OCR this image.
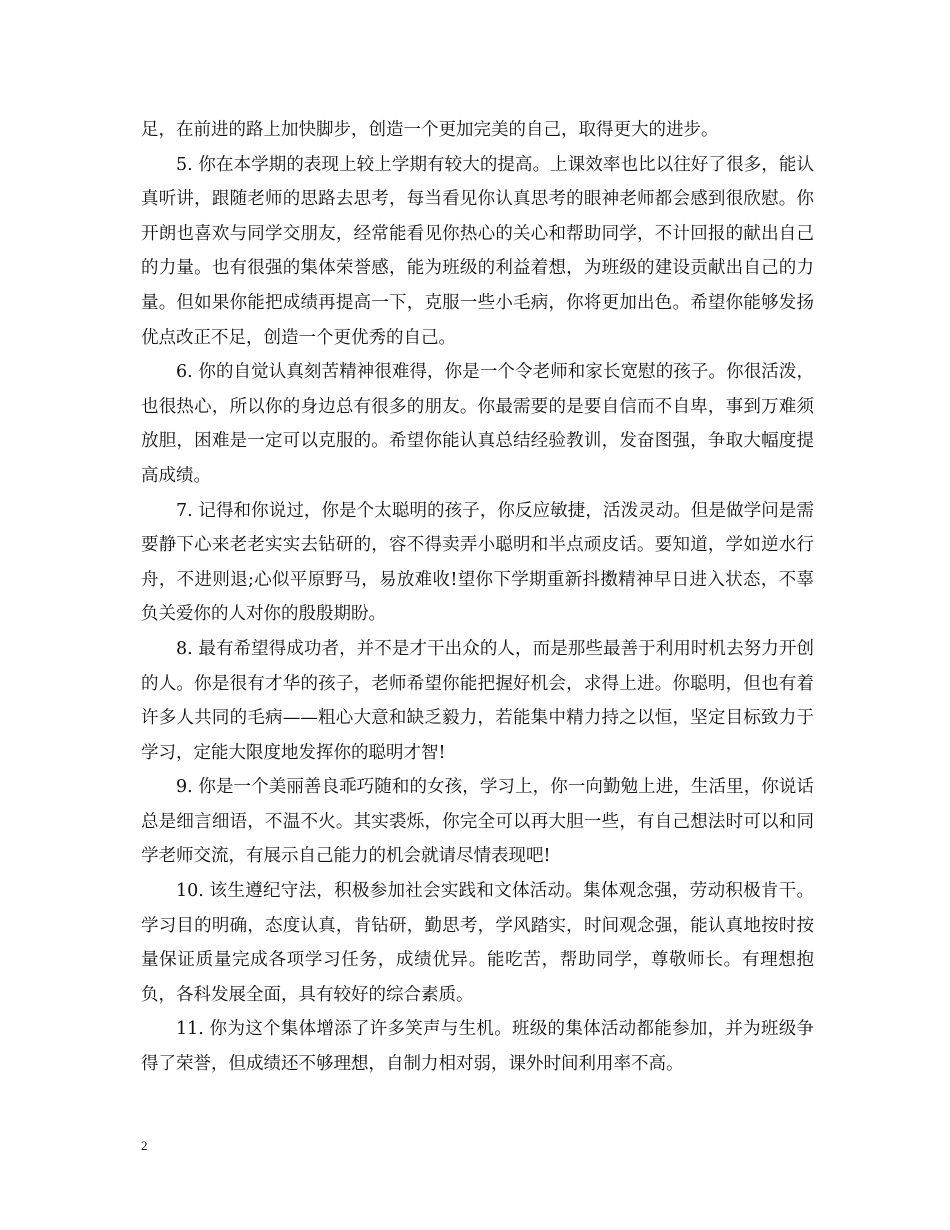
足，在前进的路上加快脚步，创造一个更加完美的自己，取得更大的进步。

5. 你在本学期的表现上较上学期有较大的提高。上课效率也比以往好了很多，能认真听讲，跟随老师的思路去思考，每当看见你认真思考的眼神老师都会感到很欣慰。你开朗也喜欢与同学交朋友，经常能看见你热心的关心和帮助同学，不计回报的献出自己的力量。也有很强的集体荣誉感，能为班级的利益着想，为班级的建设贡献出自己的力量。但如果你能把成绩再提高一下，克服一些小毛病，你将更加出色。希望你能够发扬优点改正不足，创造一个更优秀的自己。

6. 你的自觉认真刻苦精神很难得，你是一个令老师和家长宽慰的孩子。你很活泼，也很热心，所以你的身边总有很多的朋友。你最需要的是要自信而不自卑，事到万难须放胆，困难是一定可以克服的。希望你能认真总结经验教训，发奋图强，争取大幅度提高成绩。

7. 记得和你说过，你是个太聪明的孩子，你反应敏捷，活泼灵动。但是做学问是需要静下心来老老实实去钻研的，容不得卖弄小聪明和半点顽皮话。要知道，学如逆水行舟，不进则退;心似平原野马，易放难收!望你下学期重新抖擞精神早日进入状态，不辜负关爱你的人对你的殷殷期盼。

8. 最有希望得成功者，并不是才干出众的人，而是那些最善于利用时机去努力开创的人。你是很有才华的孩子，老师希望你能把握好机会，求得上进。你聪明，但也有着许多人共同的毛病——粗心大意和缺乏毅力，若能集中精力持之以恒，坚定目标致力于学习，定能大限度地发挥你的聪明才智!

9. 你是一个美丽善良乖巧随和的女孩，学习上，你一向勤勉上进，生活里，你说话总是细言细语，不温不火。其实裘烁，你完全可以再大胆一些，有自己想法时可以和同学老师交流，有展示自己能力的机会就请尽情表现吧!

10. 该生遵纪守法，积极参加社会实践和文体活动。集体观念强，劳动积极肯干。学习目的明确，态度认真，肯钻研，勤思考，学风踏实，时间观念强，能认真地按时按量保证质量完成各项学习任务，成绩优异。能吃苦，帮助同学，尊敬师长。有理想抱负，各科发展全面，具有较好的综合素质。

11. 你为这个集体增添了许多笑声与生机。班级的集体活动都能参加，并为班级争得了荣誉，但成绩还不够理想，自制力相对弱，课外时间利用率不高。

2
